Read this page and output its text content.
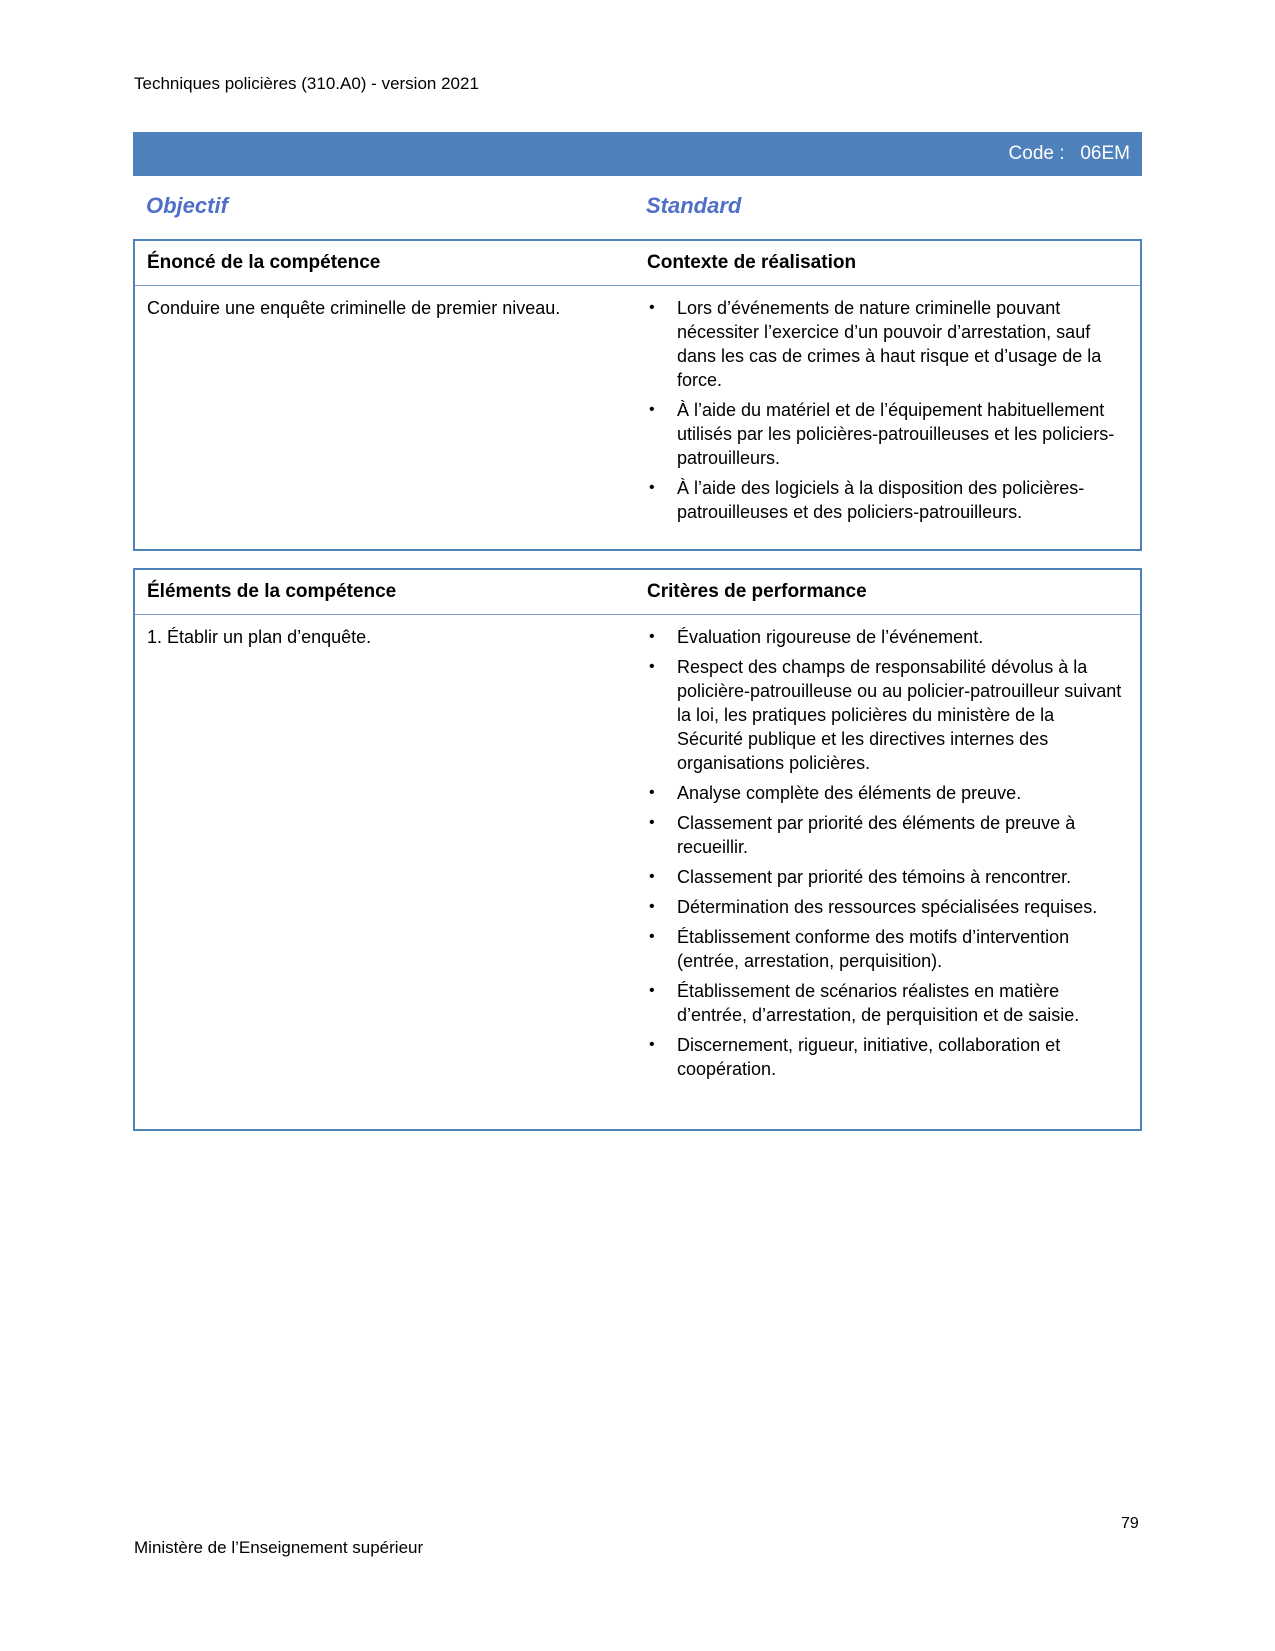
Techniques policières (310.A0) - version 2021
Code :
06EM
Objectif	Standard
Énoncé de la compétence	Contexte de réalisation
Conduire une enquête criminelle de premier niveau.	• Lors d’événements de nature criminelle pouvant nécessiter l’exercice d’un pouvoir d’arrestation, sauf dans les cas de crimes à haut risque et d’usage de la force.
• À l’aide du matériel et de l’équipement habituellement utilisés par les policières-patrouilleuses et les policiers-patrouilleurs.
• À l’aide des logiciels à la disposition des policières-patrouilleuses et des policiers-patrouilleurs.
Éléments de la compétence	Critères de performance
1. Établir un plan d’enquête.	• Évaluation rigoureuse de l’événement.
• Respect des champs de responsabilité dévolus à la policière-patrouilleuse ou au policier-patrouilleur suivant la loi, les pratiques policières du ministère de la Sécurité publique et les directives internes des organisations policières.
• Analyse complète des éléments de preuve.
• Classement par priorité des éléments de preuve à recueillir.
• Classement par priorité des témoins à rencontrer.
• Détermination des ressources spécialisées requises.
• Établissement conforme des motifs d’intervention (entrée, arrestation, perquisition).
• Établissement de scénarios réalistes en matière d’entrée, d’arrestation, de perquisition et de saisie.
• Discernement, rigueur, initiative, collaboration et coopération.
79
Ministère de l’Enseignement supérieur
